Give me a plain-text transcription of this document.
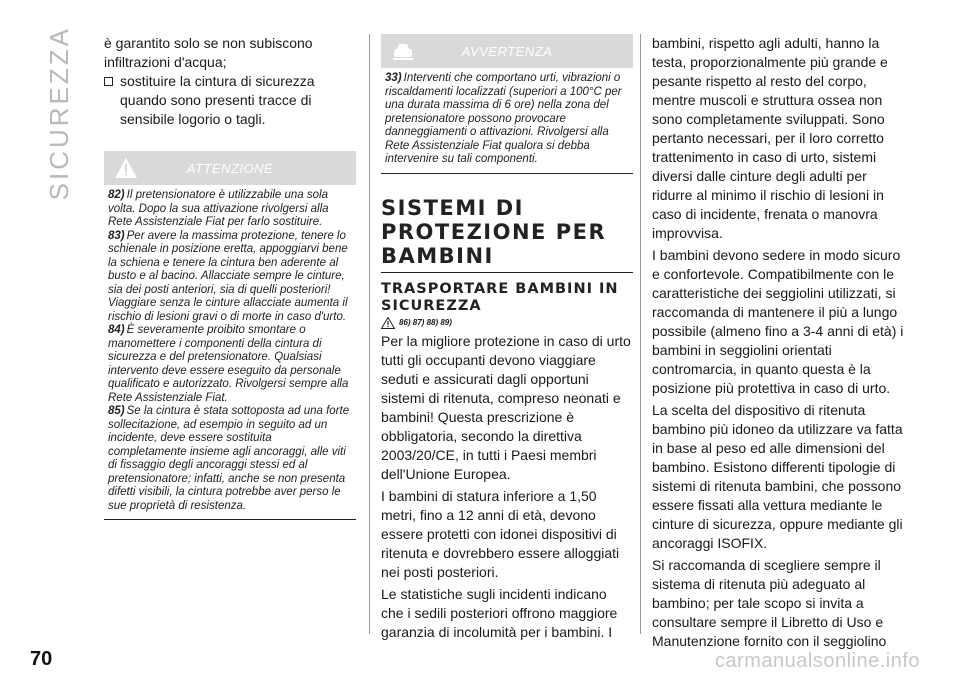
SICUREZZA è garantito solo se non subiscono infiltrazioni d'acqua;

sostituire la cintura di sicurezza quando sono presenti tracce di sensibile logorio o tagli.
ATTENZIONE

82) Il pretensionatore è utilizzabile una sola volta. Dopo la sua attivazione rivolgersi alla Rete Assistenziale Fiat per farlo sostituire.

83) Per avere la massima protezione, tenere lo schienale in posizione eretta, appoggiarvi bene la schiena e tenere la cintura ben aderente al busto e al bacino. Allacciate sempre le cinture, sia dei posti anteriori, sia di quelli posteriori! Viaggiare senza le cinture allacciate aumenta il rischio di lesioni gravi o di morte in caso d'urto.

84) È severamente proibito smontare o manomettere i componenti della cintura di sicurezza e del pretensionatore. Qualsiasi intervento deve essere eseguito da personale qualificato e autorizzato. Rivolgersi sempre alla Rete Assistenziale Fiat.

85) Se la cintura è stata sottoposta ad una forte sollecitazione, ad esempio in seguito ad un incidente, deve essere sostituita completamente insieme agli ancoraggi, alle viti di fissaggio degli ancoraggi stessi ed al pretensionatore; infatti, anche se non presenta difetti visibili, la cintura potrebbe aver perso le sue proprietà di resistenza.

AVVERTENZA

33) Interventi che comportano urti, vibrazioni o riscaldamenti localizzati (superiori a 100°C per una durata massima di 6 ore) nella zona del pretensionatore possono provocare danneggiamenti o attivazioni. Rivolgersi alla Rete Assistenziale Fiat qualora si debba intervenire su tali componenti.

SISTEMI DI PROTEZIONE PER BAMBINI
TRASPORTARE BAMBINI IN SICUREZZA
86) 87) 88) 89)

Per la migliore protezione in caso di urto tutti gli occupanti devono viaggiare seduti e assicurati dagli opportuni sistemi di ritenuta, compreso neonati e bambini! Questa prescrizione è obbligatoria, secondo la direttiva 2003/20/CE, in tutti i Paesi membri dell'Unione Europea.

I bambini di statura inferiore a 1,50 metri, fino a 12 anni di età, devono essere protetti con idonei dispositivi di ritenuta e dovrebbero essere alloggiati nei posti posteriori.

Le statistiche sugli incidenti indicano che i sedili posteriori offrono maggiore garanzia di incolumità per i bambini. I

bambini, rispetto agli adulti, hanno la testa, proporzionalmente più grande e pesante rispetto al resto del corpo, mentre muscoli e struttura ossea non sono completamente sviluppati. Sono pertanto necessari, per il loro corretto trattenimento in caso di urto, sistemi diversi dalle cinture degli adulti per ridurre al minimo il rischio di lesioni in caso di incidente, frenata o manovra improvvisa.

I bambini devono sedere in modo sicuro e confortevole. Compatibilmente con le caratteristiche dei seggiolini utilizzati, si raccomanda di mantenere il più a lungo possibile (almeno fino a 3-4 anni di età) i bambini in seggiolini orientati contromarcia, in quanto questa è la posizione più protettiva in caso di urto.

La scelta del dispositivo di ritenuta bambino più idoneo da utilizzare va fatta in base al peso ed alle dimensioni del bambino. Esistono differenti tipologie di sistemi di ritenuta bambini, che possono essere fissati alla vettura mediante le cinture di sicurezza, oppure mediante gli ancoraggi ISOFIX.

Si raccomanda di scegliere sempre il sistema di ritenuta più adeguato al bambino; per tale scopo si invita a consultare sempre il Libretto di Uso e Manutenzione fornito con il seggiolino

70	carmanualsonline.info
